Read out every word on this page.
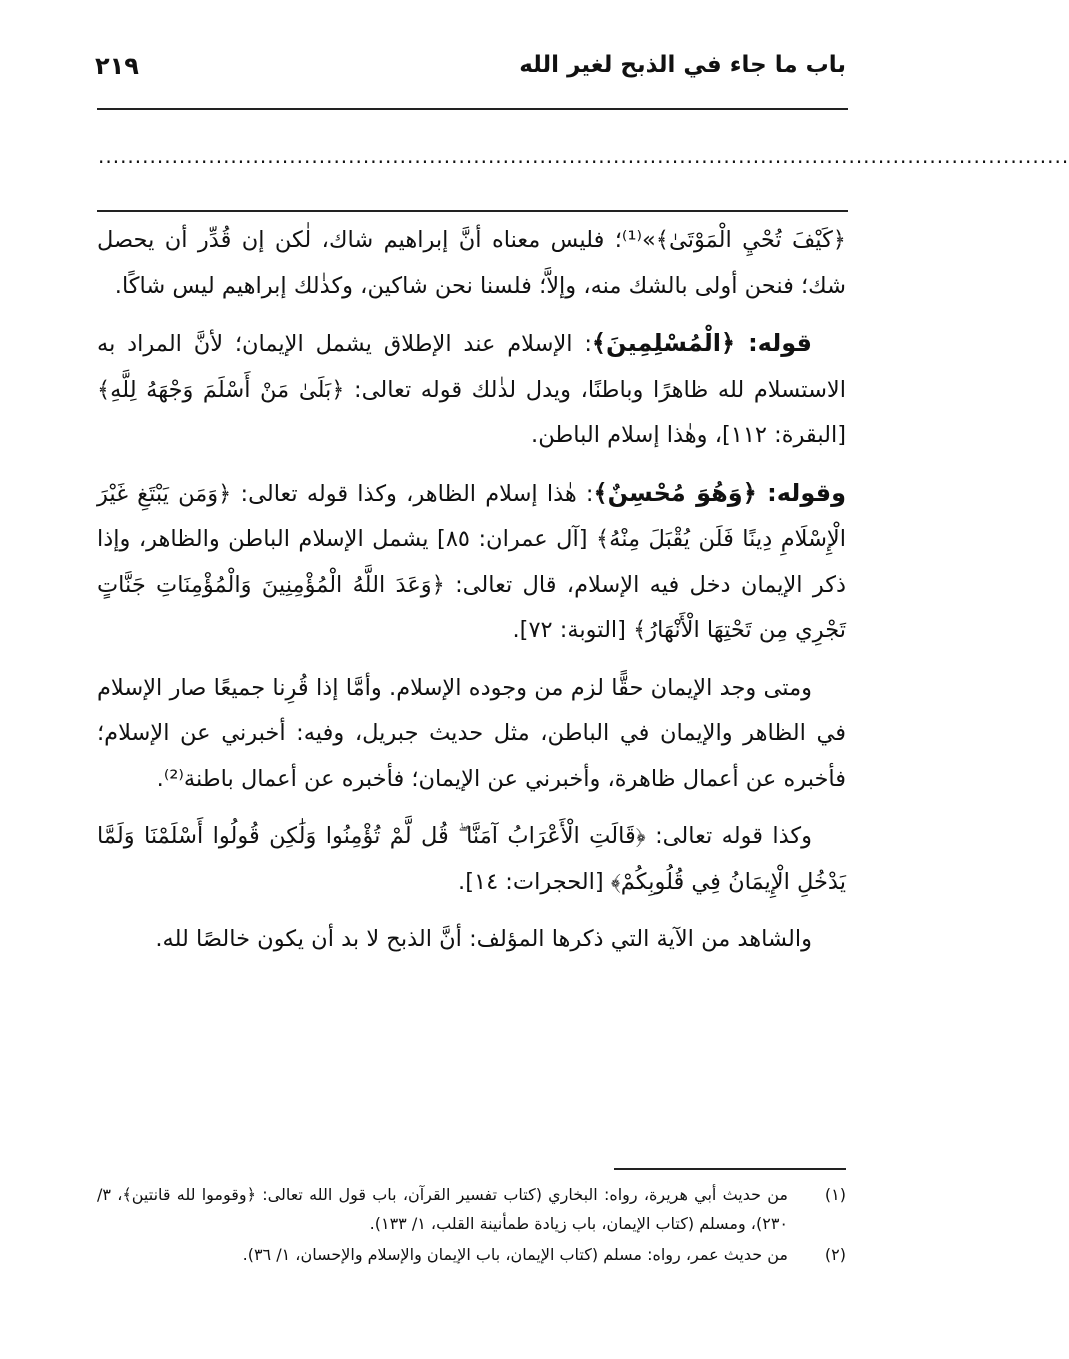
باب ما جاء في الذبح لغير الله
٢١٩
....................................................................................................................................

﴿كَيْفَ تُحْيِ الْمَوْتَىٰ﴾»⁽¹⁾؛ فليس معناه أنَّ إبراهيم شاك، لٰكن إن قُدِّر أن يحصل شك؛ فنحن أولى بالشك منه، وإلاَّ؛ فلسنا نحن شاكين، وكذٰلك إبراهيم ليس شاكًا.

قوله: ﴿الْمُسْلِمِينَ﴾: الإسلام عند الإطلاق يشمل الإيمان؛ لأنَّ المراد به الاستسلام لله ظاهرًا وباطنًا، ويدل لذٰلك قوله تعالى: ﴿بَلَىٰ مَنْ أَسْلَمَ وَجْهَهُ لِلَّهِ﴾ [البقرة: ١١٢]، وهٰذا إسلام الباطن.

وقوله: ﴿وَهُوَ مُحْسِنٌ﴾: هٰذا إسلام الظاهر، وكذا قوله تعالى: ﴿وَمَن يَبْتَغِ غَيْرَ الْإِسْلَامِ دِينًا فَلَن يُقْبَلَ مِنْهُ﴾ [آل عمران: ٨٥] يشمل الإسلام الباطن والظاهر، وإذا ذكر الإيمان دخل فيه الإسلام، قال تعالى: ﴿وَعَدَ اللَّهُ الْمُؤْمِنِينَ وَالْمُؤْمِنَاتِ جَنَّاتٍ تَجْرِي مِن تَحْتِهَا الْأَنْهَارُ﴾ [التوبة: ٧٢].

ومتى وجد الإيمان حقًّا لزم من وجوده الإسلام. وأمَّا إذا قُرِنا جميعًا صار الإسلام في الظاهر والإيمان في الباطن، مثل حديث جبريل، وفيه: أخبرني عن الإسلام؛ فأخبره عن أعمال ظاهرة، وأخبرني عن الإيمان؛ فأخبره عن أعمال باطنة⁽²⁾.

وكذا قوله تعالى: ﴿قَالَتِ الْأَعْرَابُ آمَنَّا ۖ قُل لَّمْ تُؤْمِنُوا وَلَٰكِن قُولُوا أَسْلَمْنَا وَلَمَّا يَدْخُلِ الْإِيمَانُ فِي قُلُوبِكُمْ﴾ [الحجرات: ١٤].

والشاهد من الآية التي ذكرها المؤلف: أنَّ الذبح لا بد أن يكون خالصًا لله.

(١)
من حديث أبي هريرة، رواه: البخاري (كتاب تفسير القرآن، باب قول الله تعالى: ﴿وقوموا لله قانتين﴾، ٣/ ٢٣٠)، ومسلم (كتاب الإيمان، باب زيادة طمأنينة القلب، ١/ ١٣٣).
(٢)
من حديث عمر، رواه: مسلم (كتاب الإيمان، باب الإيمان والإسلام والإحسان، ١/ ٣٦).
